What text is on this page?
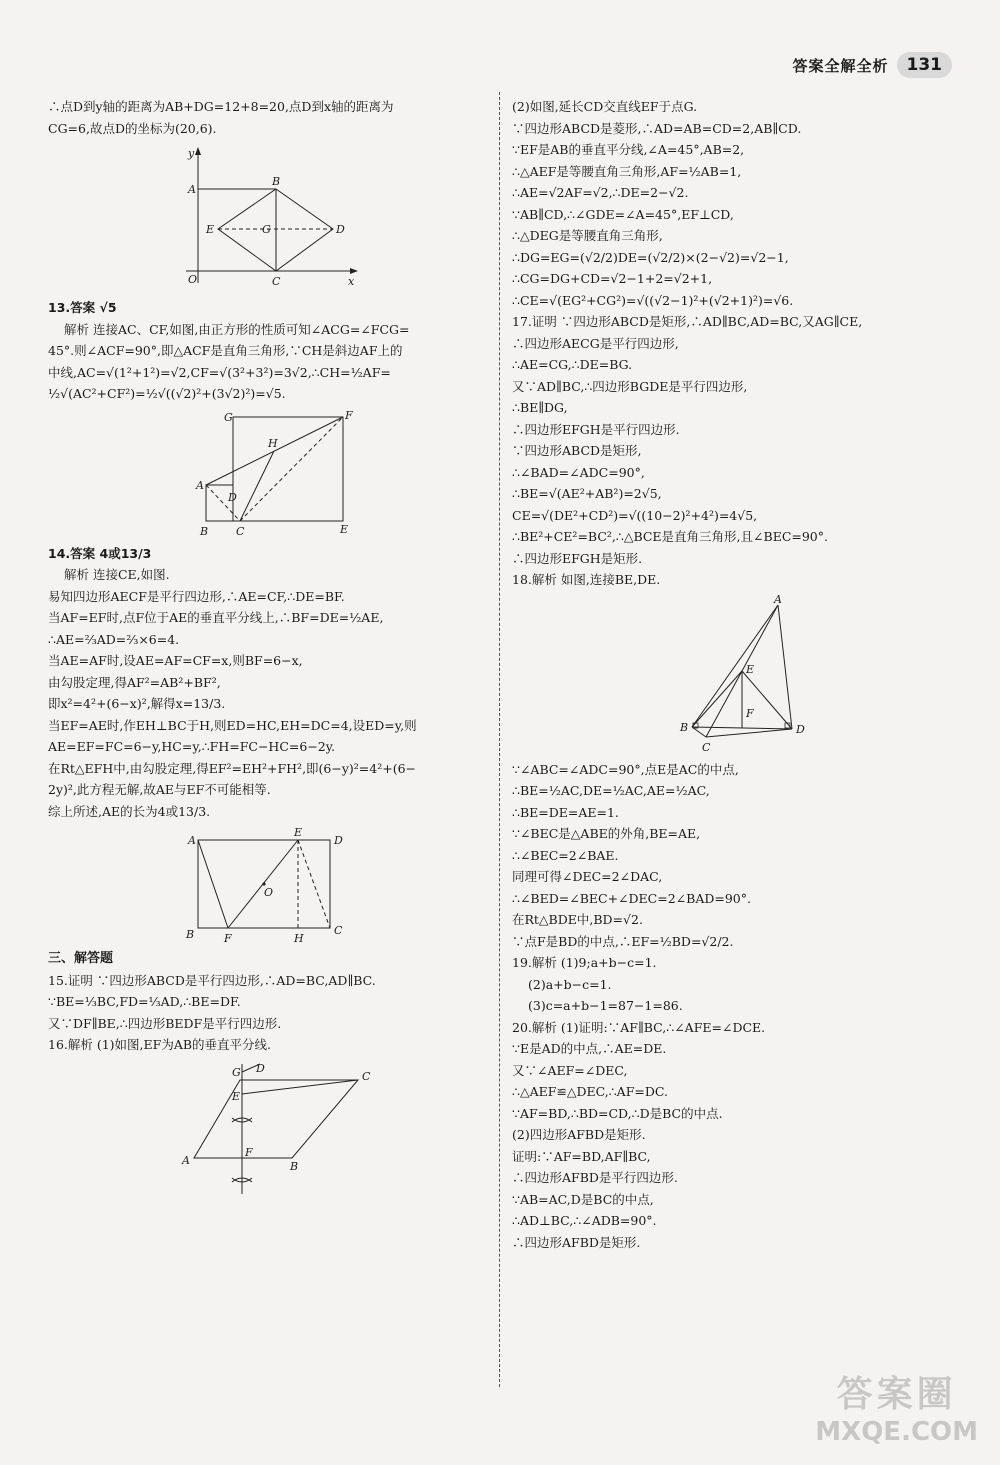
答案全解全析	131

∴点D到y轴的距离为AB+DG=12+8=20,点D到x轴的距离为

CG=6,故点D的坐标为(20,6).

y
A
B
E	G	D
O	C	x

13.答案 √5

解析 连接AC、CF,如图,由正方形的性质可知∠ACG=∠FCG=

45°.则∠ACF=90°,即△ACF是直角三角形,∵CH是斜边AF上的

中线,AC=√(1²+1²)=√2,CF=√(3²+3²)=3√2,∴CH=½AF=

½√(AC²+CF²)=½√((√2)²+(3√2)²)=√5.

G	F
H
A
D
B	C	E

14.答案 4或13/3

解析 连接CE,如图.

易知四边形AECF是平行四边形,∴AE=CF,∴DE=BF.

当AF=EF时,点F位于AE的垂直平分线上,∴BF=DE=½AE,

∴AE=⅔AD=⅔×6=4.

当AE=AF时,设AE=AF=CF=x,则BF=6−x,

由勾股定理,得AF²=AB²+BF²,

即x²=4²+(6−x)²,解得x=13/3.

当EF=AE时,作EH⊥BC于H,则ED=HC,EH=DC=4,设ED=y,则

AE=EF=FC=6−y,HC=y,∴FH=FC−HC=6−2y.

在Rt△EFH中,由勾股定理,得EF²=EH²+FH²,即(6−y)²=4²+(6−

2y)²,此方程无解,故AE与EF不可能相等.

综上所述,AE的长为4或13/3.

A
E
D
O
B	F	H
C

三、解答题

15.证明 ∵四边形ABCD是平行四边形,∴AD=BC,AD∥BC.

∵BE=⅓BC,FD=⅓AD,∴BE=DF.

又∵DF∥BE,∴四边形BEDF是平行四边形.

16.解析 (1)如图,EF为AB的垂直平分线.

G D
C
E
A
F
B

(2)如图,延长CD交直线EF于点G.

∵四边形ABCD是菱形,∴AD=AB=CD=2,AB∥CD.

∵EF是AB的垂直平分线,∠A=45°,AB=2,

∴△AEF是等腰直角三角形,AF=½AB=1,

∴AE=√2AF=√2,∴DE=2−√2.

∵AB∥CD,∴∠GDE=∠A=45°,EF⊥CD,

∴△DEG是等腰直角三角形,

∴DG=EG=(√2/2)DE=(√2/2)×(2−√2)=√2−1,

∴CG=DG+CD=√2−1+2=√2+1,

∴CE=√(EG²+CG²)=√((√2−1)²+(√2+1)²)=√6.

17.证明 ∵四边形ABCD是矩形,∴AD∥BC,AD=BC,又AG∥CE,

∴四边形AECG是平行四边形,

∴AE=CG,∴DE=BG.

又∵AD∥BC,∴四边形BGDE是平行四边形,

∴BE∥DG,

∴四边形EFGH是平行四边形.

∵四边形ABCD是矩形,

∴∠BAD=∠ADC=90°,

∴BE=√(AE²+AB²)=2√5,

CE=√(DE²+CD²)=√((10−2)²+4²)=4√5,

∴BE²+CE²=BC²,∴△BCE是直角三角形,且∠BEC=90°.

∴四边形EFGH是矩形.

18.解析 如图,连接BE,DE.

A
E
F
B
C
D

∵∠ABC=∠ADC=90°,点E是AC的中点,

∴BE=½AC,DE=½AC,AE=½AC,

∴BE=DE=AE=1.

∵∠BEC是△ABE的外角,BE=AE,

∴∠BEC=2∠BAE.

同理可得∠DEC=2∠DAC,

∴∠BED=∠BEC+∠DEC=2∠BAD=90°.

在Rt△BDE中,BD=√2.

∵点F是BD的中点,∴EF=½BD=√2/2.

19.解析 (1)9;a+b−c=1.

(2)a+b−c=1.

(3)c=a+b−1=87−1=86.

20.解析 (1)证明:∵AF∥BC,∴∠AFE=∠DCE.

∵E是AD的中点,∴AE=DE.

又∵∠AEF=∠DEC,

∴△AEF≌△DEC,∴AF=DC.

∵AF=BD,∴BD=CD,∴D是BC的中点.

(2)四边形AFBD是矩形.

证明:∵AF=BD,AF∥BC,

∴四边形AFBD是平行四边形.

∵AB=AC,D是BC的中点,

∴AD⊥BC,∴∠ADB=90°.

∴四边形AFBD是矩形.

答案圈
MXQE.COM
